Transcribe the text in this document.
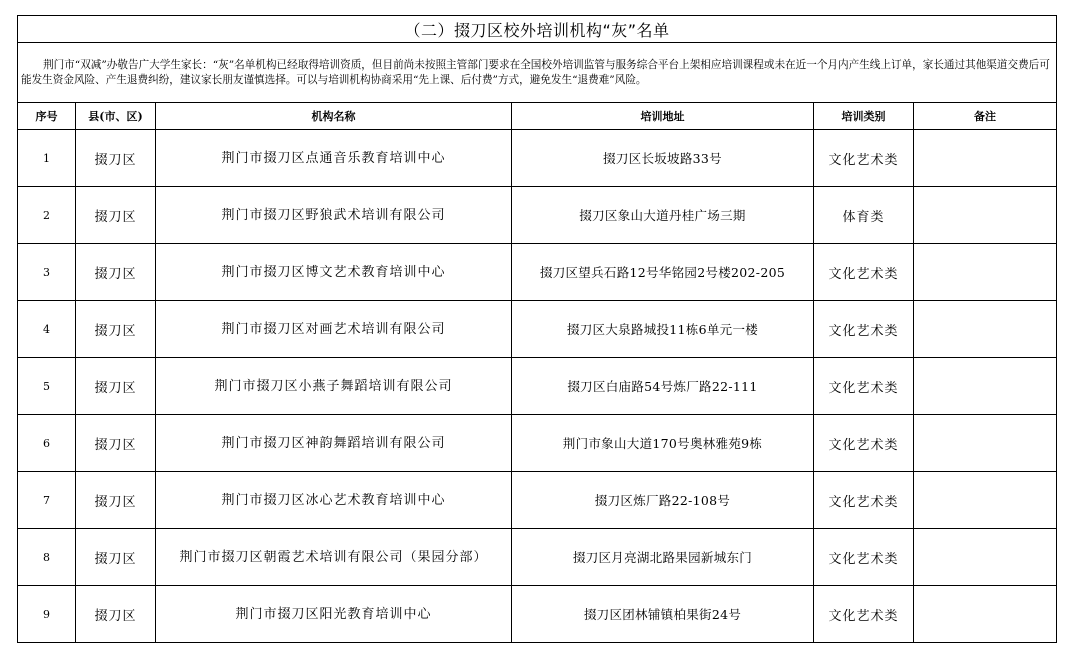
（二）掇刀区校外培训机构“灰”名单					
荆门市“双减”办敬告广大学生家长：“灰”名单机构已经取得培训资质，但目前尚未按照主管部门要求在全国校外培训监管与服务综合平台上架相应培训课程或未在近一个月内产生线上订单，家长通过其他渠道交费后可能发生资金风险、产生退费纠纷，建议家长朋友谨慎选择。可以与培训机构协商采用“先上课、后付费”方式，避免发生“退费难”风险。					
序号	县(市、区)	机构名称	培训地址	培训类别	备注
1	掇刀区	荆门市掇刀区点通音乐教育培训中心	掇刀区长坂坡路33号	文化艺术类	
2	掇刀区	荆门市掇刀区野狼武术培训有限公司	掇刀区象山大道丹桂广场三期	体育类	
3	掇刀区	荆门市掇刀区博文艺术教育培训中心	掇刀区望兵石路12号华铭园2号楼202-205	文化艺术类	
4	掇刀区	荆门市掇刀区对画艺术培训有限公司	掇刀区大泉路城投11栋6单元一楼	文化艺术类	
5	掇刀区	荆门市掇刀区小燕子舞蹈培训有限公司	掇刀区白庙路54号炼厂路22-111	文化艺术类	
6	掇刀区	荆门市掇刀区神韵舞蹈培训有限公司	荆门市象山大道170号奥林雅苑9栋	文化艺术类	
7	掇刀区	荆门市掇刀区冰心艺术教育培训中心	掇刀区炼厂路22-108号	文化艺术类	
8	掇刀区	荆门市掇刀区朝霞艺术培训有限公司（果园分部）	掇刀区月亮湖北路果园新城东门	文化艺术类	
9	掇刀区	荆门市掇刀区阳光教育培训中心	掇刀区团林铺镇柏果街24号	文化艺术类	
